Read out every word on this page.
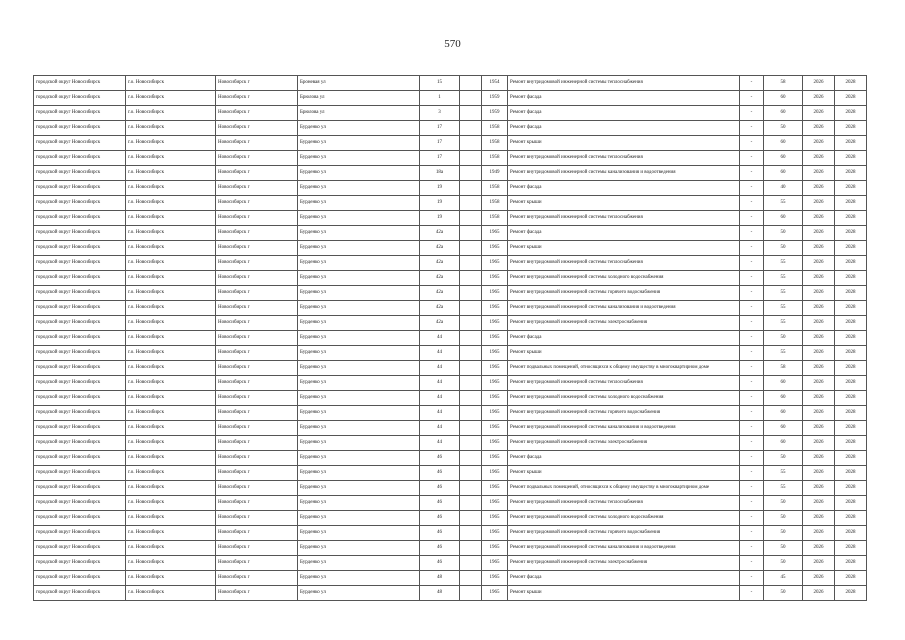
570
городской округ Новосибирск	г.о. Новосибирск	Новосибирск г	Броневая ул	15		1954	Ремонт внутридомовой инженерной системы теплоснабжения	-	58	2026	2028
городской округ Новосибирск	г.о. Новосибирск	Новосибирск г	Брюлова ул	1		1959	Ремонт фасада	-	60	2026	2028
городской округ Новосибирск	г.о. Новосибирск	Новосибирск г	Брюлова ул	3		1959	Ремонт фасада	-	60	2026	2028
городской округ Новосибирск	г.о. Новосибирск	Новосибирск г	Бурденко ул	17		1958	Ремонт фасада	-	50	2026	2028
городской округ Новосибирск	г.о. Новосибирск	Новосибирск г	Бурденко ул	17		1958	Ремонт крыши	-	60	2026	2028
городской округ Новосибирск	г.о. Новосибирск	Новосибирск г	Бурденко ул	17		1958	Ремонт внутридомовой инженерной системы теплоснабжения	-	60	2026	2028
городской округ Новосибирск	г.о. Новосибирск	Новосибирск г	Бурденко ул	18а		1949	Ремонт внутридомовой инженерной системы канализования и водоотведения	-	60	2026	2028
городской округ Новосибирск	г.о. Новосибирск	Новосибирск г	Бурденко ул	19		1958	Ремонт фасада	-	40	2026	2028
городской округ Новосибирск	г.о. Новосибирск	Новосибирск г	Бурденко ул	19		1958	Ремонт крыши	-	55	2026	2028
городской округ Новосибирск	г.о. Новосибирск	Новосибирск г	Бурденко ул	19		1958	Ремонт внутридомовой инженерной системы теплоснабжения	-	60	2026	2028
городской округ Новосибирск	г.о. Новосибирск	Новосибирск г	Бурденко ул	42а		1965	Ремонт фасада	-	50	2026	2028
городской округ Новосибирск	г.о. Новосибирск	Новосибирск г	Бурденко ул	42а		1965	Ремонт крыши	-	50	2026	2028
городской округ Новосибирск	г.о. Новосибирск	Новосибирск г	Бурденко ул	42а		1965	Ремонт внутридомовой инженерной системы теплоснабжения	-	55	2026	2028
городской округ Новосибирск	г.о. Новосибирск	Новосибирск г	Бурденко ул	42а		1965	Ремонт внутридомовой инженерной системы холодного водоснабжения	-	55	2026	2028
городской округ Новосибирск	г.о. Новосибирск	Новосибирск г	Бурденко ул	42а		1965	Ремонт внутридомовой инженерной системы горячего водоснабжения	-	55	2026	2028
городской округ Новосибирск	г.о. Новосибирск	Новосибирск г	Бурденко ул	42а		1965	Ремонт внутридомовой инженерной системы канализования и водоотведения	-	55	2026	2028
городской округ Новосибирск	г.о. Новосибирск	Новосибирск г	Бурденко ул	42а		1965	Ремонт внутридомовой инженерной системы электроснабжения	-	55	2026	2028
городской округ Новосибирск	г.о. Новосибирск	Новосибирск г	Бурденко ул	44		1965	Ремонт фасада	-	50	2026	2028
городской округ Новосибирск	г.о. Новосибирск	Новосибирск г	Бурденко ул	44		1965	Ремонт крыши	-	55	2026	2028
городской округ Новосибирск	г.о. Новосибирск	Новосибирск г	Бурденко ул	44		1965	Ремонт подвальных помещений, относящихся к общему имуществу в многоквартирном доме	-	58	2026	2028
городской округ Новосибирск	г.о. Новосибирск	Новосибирск г	Бурденко ул	44		1965	Ремонт внутридомовой инженерной системы теплоснабжения	-	60	2026	2028
городской округ Новосибирск	г.о. Новосибирск	Новосибирск г	Бурденко ул	44		1965	Ремонт внутридомовой инженерной системы холодного водоснабжения	-	60	2026	2028
городской округ Новосибирск	г.о. Новосибирск	Новосибирск г	Бурденко ул	44		1965	Ремонт внутридомовой инженерной системы горячего водоснабжения	-	60	2026	2028
городской округ Новосибирск	г.о. Новосибирск	Новосибирск г	Бурденко ул	44		1965	Ремонт внутридомовой инженерной системы канализования и водоотведения	-	60	2026	2028
городской округ Новосибирск	г.о. Новосибирск	Новосибирск г	Бурденко ул	44		1965	Ремонт внутридомовой инженерной системы электроснабжения	-	60	2026	2028
городской округ Новосибирск	г.о. Новосибирск	Новосибирск г	Бурденко ул	46		1965	Ремонт фасада	-	50	2026	2028
городской округ Новосибирск	г.о. Новосибирск	Новосибирск г	Бурденко ул	46		1965	Ремонт крыши	-	55	2026	2028
городской округ Новосибирск	г.о. Новосибирск	Новосибирск г	Бурденко ул	46		1965	Ремонт подвальных помещений, относящихся к общему имуществу в многоквартирном доме	-	55	2026	2028
городской округ Новосибирск	г.о. Новосибирск	Новосибирск г	Бурденко ул	46		1965	Ремонт внутридомовой инженерной системы теплоснабжения	-	50	2026	2028
городской округ Новосибирск	г.о. Новосибирск	Новосибирск г	Бурденко ул	46		1965	Ремонт внутридомовой инженерной системы холодного водоснабжения	-	50	2026	2028
городской округ Новосибирск	г.о. Новосибирск	Новосибирск г	Бурденко ул	46		1965	Ремонт внутридомовой инженерной системы горячего водоснабжения	-	50	2026	2028
городской округ Новосибирск	г.о. Новосибирск	Новосибирск г	Бурденко ул	46		1965	Ремонт внутридомовой инженерной системы канализования и водоотведения	-	50	2026	2028
городской округ Новосибирск	г.о. Новосибирск	Новосибирск г	Бурденко ул	46		1965	Ремонт внутридомовой инженерной системы электроснабжения	-	50	2026	2028
городской округ Новосибирск	г.о. Новосибирск	Новосибирск г	Бурденко ул	48		1965	Ремонт фасада	-	45	2026	2028
городской округ Новосибирск	г.о. Новосибирск	Новосибирск г	Бурденко ул	48		1965	Ремонт крыши	-	50	2026	2028
